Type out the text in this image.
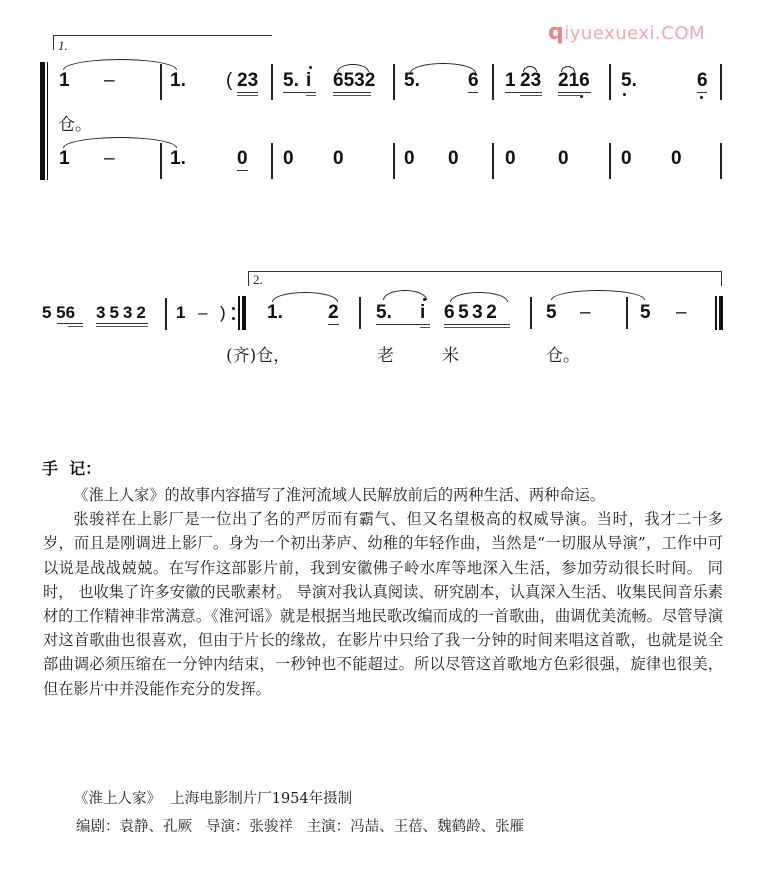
qiyuexuexi.COM
1.
1 –	1. ( 23 5. i 6532 5.	6 1 23 216 5.	6
仓。
1 –	1.	0 0 0	0 0 0 0	0 0
5 56 3532 1 – )
2.
1. 2 5. i 6532 5 –	5 –
(齐)仓，	老	米	仓。
手  记：

《淮上人家》的故事内容描写了淮河流域人民解放前后的两种生活、两种命运。

张骏祥在上影厂是一位出了名的严厉而有霸气、但又名望极高的权威导演。当时，我才二十多岁，而且是刚调进上影厂。身为一个初出茅庐、幼稚的年轻作曲，当然是“一切服从导演”，工作中可以说是战战兢兢。在写作这部影片前，我到安徽佛子岭水库等地深入生活，参加劳动很长时间。 同时， 也收集了许多安徽的民歌素材。 导演对我认真阅读、研究剧本，认真深入生活、收集民间音乐素材的工作精神非常满意。《淮河谣》就是根据当地民歌改编而成的一首歌曲，曲调优美流畅。尽管导演对这首歌曲也很喜欢，但由于片长的缘故，在影片中只给了我一分钟的时间来唱这首歌，也就是说全部曲调必须压缩在一分钟内结束，一秒钟也不能超过。所以尽管这首歌地方色彩很强，旋律也很美，但在影片中并没能作充分的发挥。

《淮上人家》  上海电影制片厂1954年摄制
编剧：袁静、孔厥   导演：张骏祥   主演：冯喆、王蓓、魏鹤龄、张雁
